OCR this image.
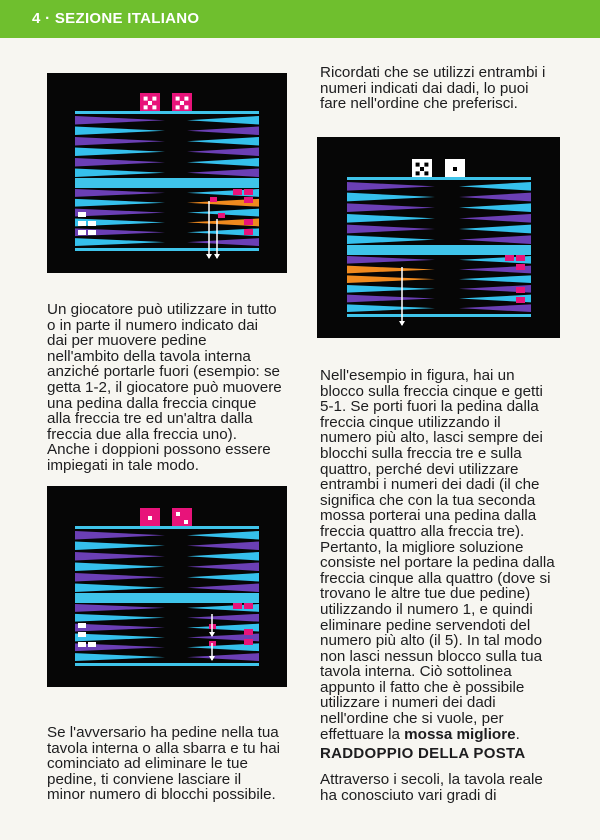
4 · SEZIONE ITALIANO

Ricordati che se utilizzi entrambi i
numeri indicati dai dadi, lo puoi
fare nell'ordine che preferisci.

Un giocatore può utilizzare in tutto
o in parte il numero indicato dai
dai per muovere pedine
nell'ambito della tavola interna
anziché portarle fuori (esempio: se
getta 1-2, il giocatore può muovere
una pedina dalla freccia cinque
alla freccia tre ed un'altra dalla
freccia due alla freccia uno).
Anche i doppioni possono essere
impiegati in tale modo.

Nell'esempio in figura, hai un
blocco sulla freccia cinque e getti
5-1. Se porti fuori la pedina dalla
freccia cinque utilizzando il
numero più alto, lasci sempre dei
blocchi sulla freccia tre e sulla
quattro, perché devi utilizzare
entrambi i numeri dei dadi (il che
significa che con la tua seconda
mossa porterai una pedina dalla
freccia quattro alla freccia tre).
Pertanto, la migliore soluzione
consiste nel portare la pedina dalla
freccia cinque alla quattro (dove si
trovano le altre tue due pedine)
utilizzando il numero 1, e quindi
eliminare pedine servendoti del
numero più alto (il 5). In tal modo
non lasci nessun blocco sulla tua
tavola interna. Ciò sottolinea
appunto il fatto che è possibile
utilizzare i numeri dei dadi
nell'ordine che si vuole, per
effettuare la mossa migliore.

Se l'avversario ha pedine nella tua
tavola interna o alla sbarra e tu hai
cominciato ad eliminare le tue
pedine, ti conviene lasciare il
minor numero di blocchi possibile.

RADDOPPIO DELLA POSTA

Attraverso i secoli, la tavola reale
ha conosciuto vari gradi di
